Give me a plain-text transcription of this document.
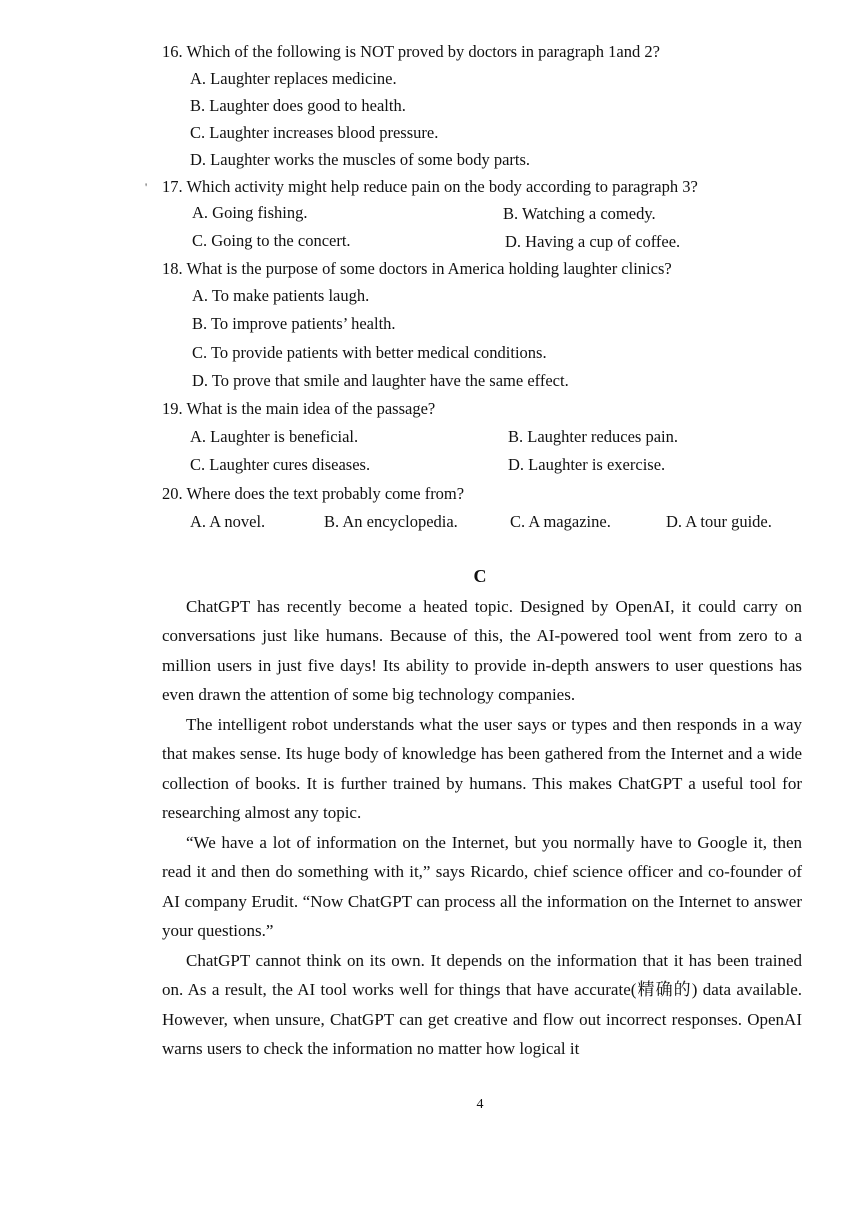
16. Which of the following is NOT proved by doctors in paragraph 1and 2?
A. Laughter replaces medicine.
B. Laughter does good to health.
C. Laughter increases blood pressure.
D. Laughter works the muscles of some body parts.
' 17. Which activity might help reduce pain on the body according to paragraph 3?
A. Going fishing.	B. Watching a comedy.
C. Going to the concert.	D. Having a cup of coffee.
18. What is the purpose of some doctors in America holding laughter clinics?
A. To make patients laugh.
B. To improve patients’ health.
C. To provide patients with better medical conditions.
D. To prove that smile and laughter have the same effect.
19. What is the main idea of the passage?
A. Laughter is beneficial.	B. Laughter reduces pain.
C. Laughter cures diseases.	D. Laughter is exercise.
20. Where does the text probably come from?
A. A novel.	B. An encyclopedia.	C. A magazine.	D. A tour guide.
C
ChatGPT has recently become a heated topic. Designed by OpenAI, it could carry on conversations just like humans. Because of this, the AI-powered tool went from zero to a million users in just five days! Its ability to provide in-depth answers to user questions has even drawn the attention of some big technology companies.
The intelligent robot understands what the user says or types and then responds in a way that makes sense. Its huge body of knowledge has been gathered from the Internet and a wide collection of books. It is further trained by humans. This makes ChatGPT a useful tool for researching almost any topic.
“We have a lot of information on the Internet, but you normally have to Google it, then read it and then do something with it,” says Ricardo, chief science officer and co-founder of AI company Erudit. “Now ChatGPT can process all the information on the Internet to answer your questions.”
ChatGPT cannot think on its own. It depends on the information that it has been trained on. As a result, the AI tool works well for things that have accurate(精确的) data available. However, when unsure, ChatGPT can get creative and flow out incorrect responses. OpenAI warns users to check the information no matter how logical it
4
